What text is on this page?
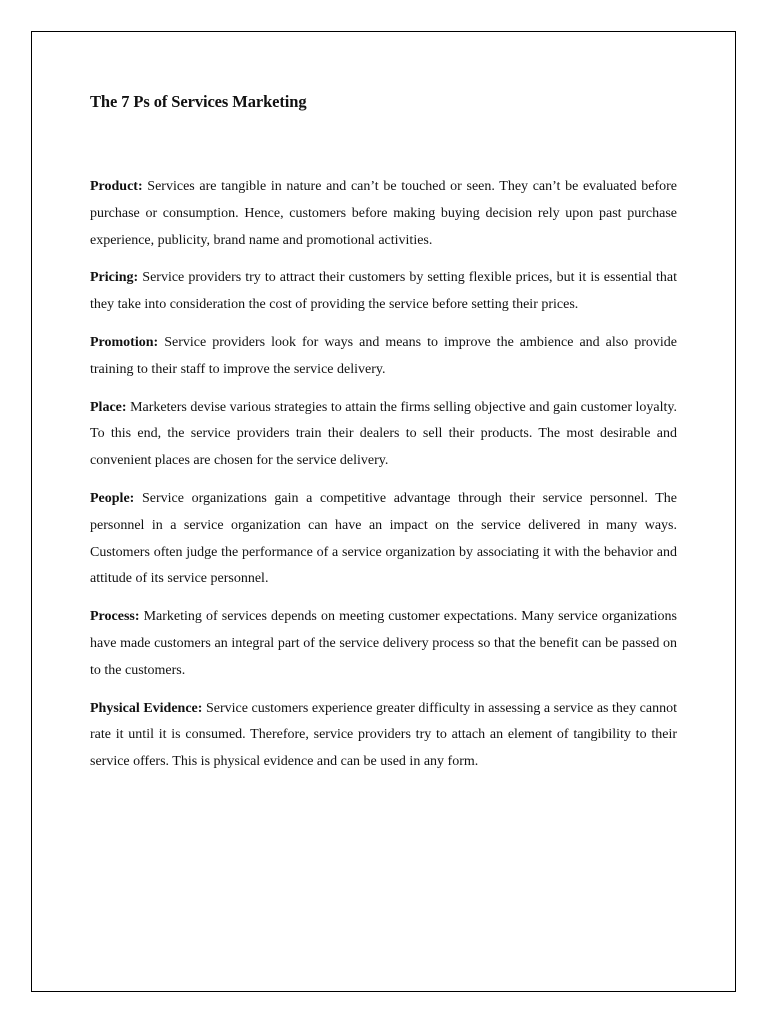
The 7 Ps of Services Marketing

Product: Services are tangible in nature and can’t be touched or seen. They can’t be evaluated before purchase or consumption. Hence, customers before making buying decision rely upon past purchase experience, publicity, brand name and promotional activities.

Pricing: Service providers try to attract their customers by setting flexible prices, but it is essential that they take into consideration the cost of providing the service before setting their prices.

Promotion: Service providers look for ways and means to improve the ambience and also provide training to their staff to improve the service delivery.

Place: Marketers devise various strategies to attain the firms selling objective and gain customer loyalty. To this end, the service providers train their dealers to sell their products. The most desirable and convenient places are chosen for the service delivery.

People: Service organizations gain a competitive advantage through their service personnel. The personnel in a service organization can have an impact on the service delivered in many ways. Customers often judge the performance of a service organization by associating it with the behavior and attitude of its service personnel.

Process: Marketing of services depends on meeting customer expectations. Many service organizations have made customers an integral part of the service delivery process so that the benefit can be passed on to the customers.

Physical Evidence: Service customers experience greater difficulty in assessing a service as they cannot rate it until it is consumed. Therefore, service providers try to attach an element of tangibility to their service offers. This is physical evidence and can be used in any form.
